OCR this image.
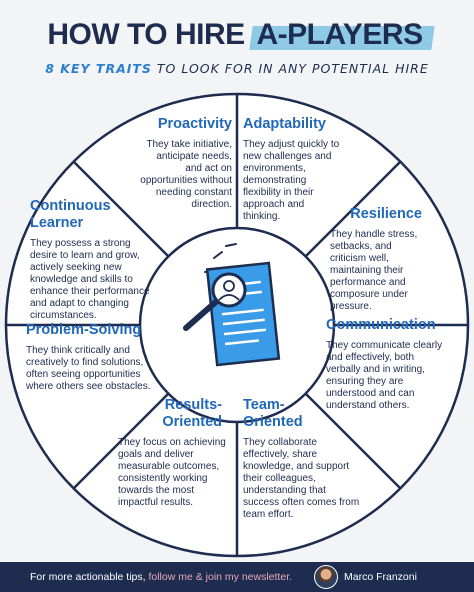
HOW TO HIRE A-PLAYERS
8 KEY TRAITS TO LOOK FOR IN ANY POTENTIAL HIRE
Proactivity

They take initiative, anticipate needs, and act on opportunities without needing constant direction.

Adaptability

They adjust quickly to new challenges and environments, demonstrating flexibility in their approach and thinking.	Resilience

They handle stress, setbacks, and criticism well, maintaining their performance and composure under pressure.

Communication

They communicate clearly and effectively, both verbally and in writing, ensuring they are understood and can understand others.

Team-Oriented

They collaborate effectively, share knowledge, and support their colleagues, understanding that success often comes from team effort.

Results-Oriented

They focus on achieving goals and deliver measurable outcomes, consistently working towards the most impactful results.

Problem-Solving

They think critically and creatively to find solutions, often seeing opportunities where others see obstacles.

Continuous Learner

They possess a strong desire to learn and grow, actively seeking new knowledge and skills to enhance their performance and adapt to changing circumstances.

For more actionable tips, follow me & join my newsletter.	Marco Franzoni
